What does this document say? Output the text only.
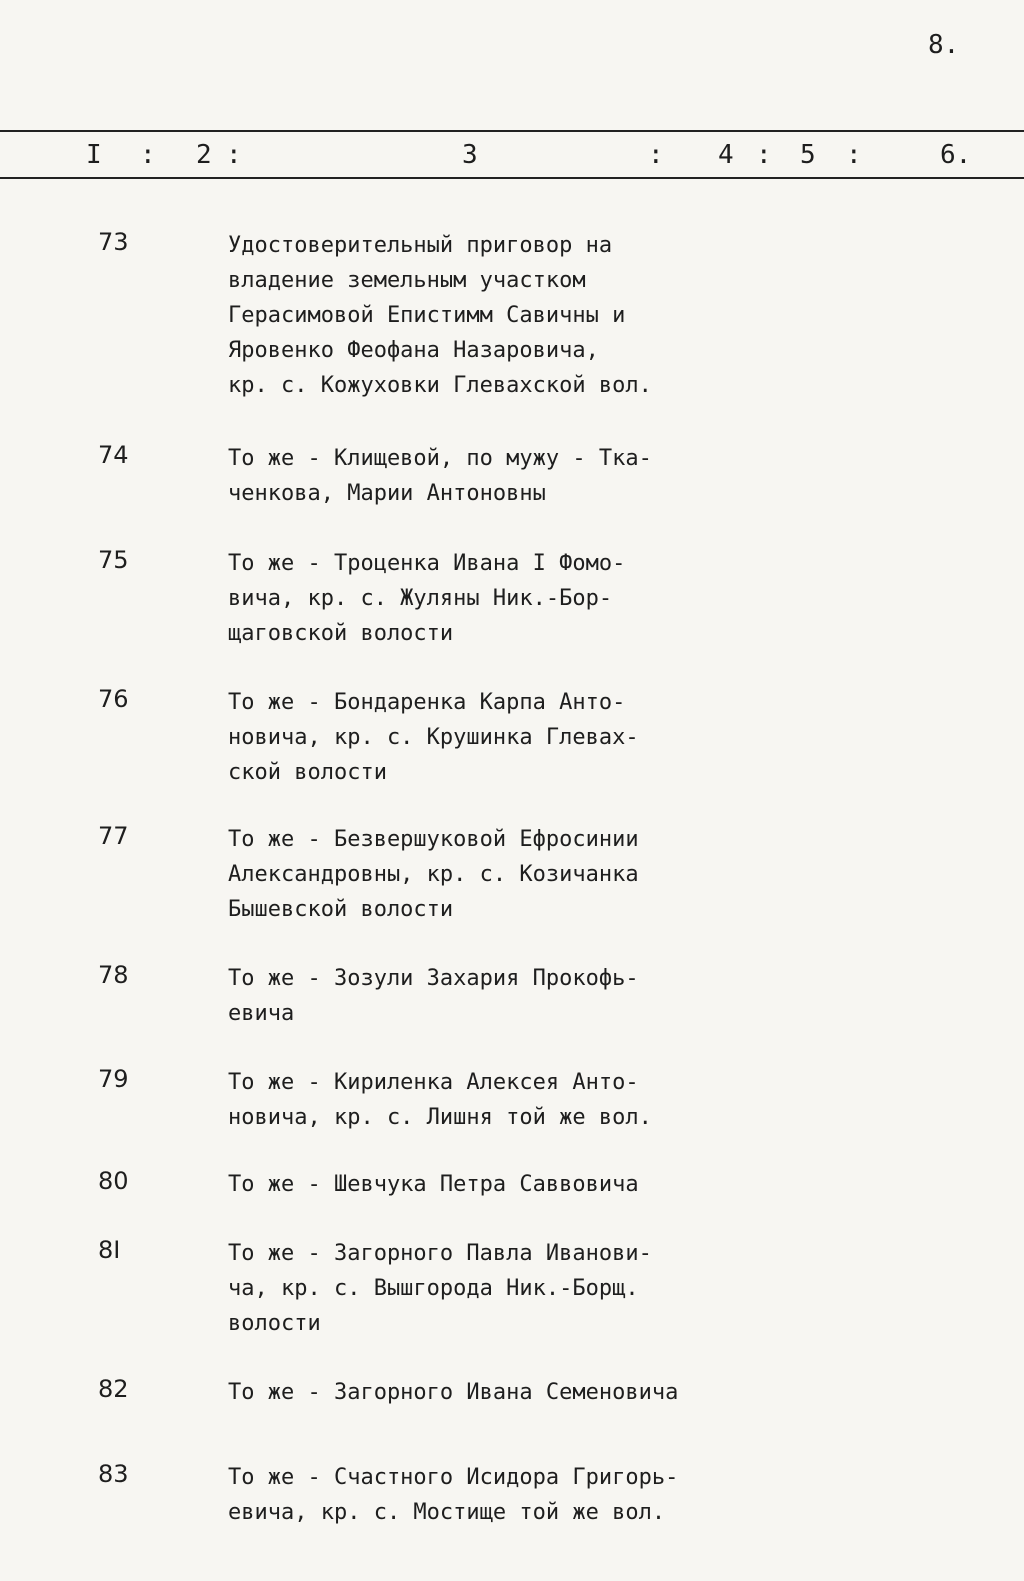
8.
I : 2 :	3	: 4 : 5 :	6.
73	Удостоверительный приговор на
владение земельным участком
Герасимовой Епистимм Савичны и
Яровенко Феофана Назаровича,
кр. с. Кожуховки Глевахской вол.
74	То же - Клищевой, по мужу - Тка-
ченкова, Марии Антоновны
75	То же - Троценка Ивана I Фомо-
вича, кр. с. Жуляны Ник.-Бор-
щаговской волости
76	То же - Бондаренка Карпа Анто-
новича, кр. с. Крушинка Глевах-
ской волости
77	То же - Безвершуковой Ефросинии
Александровны, кр. с. Козичанка
Бышевской волости
78	То же - Зозули Захария Прокофь-
евича
79	То же - Кириленка Алексея Анто-
новича, кр. с. Лишня той же вол.
80	То же - Шевчука Петра Саввовича
8I	То же - Загорного Павла Иванови-
ча, кр. с. Вышгорода Ник.-Борщ.
волости
82	То же - Загорного Ивана Семеновича
83	То же - Счастного Исидора Григорь-
евича, кр. с. Мостище той же вол.
